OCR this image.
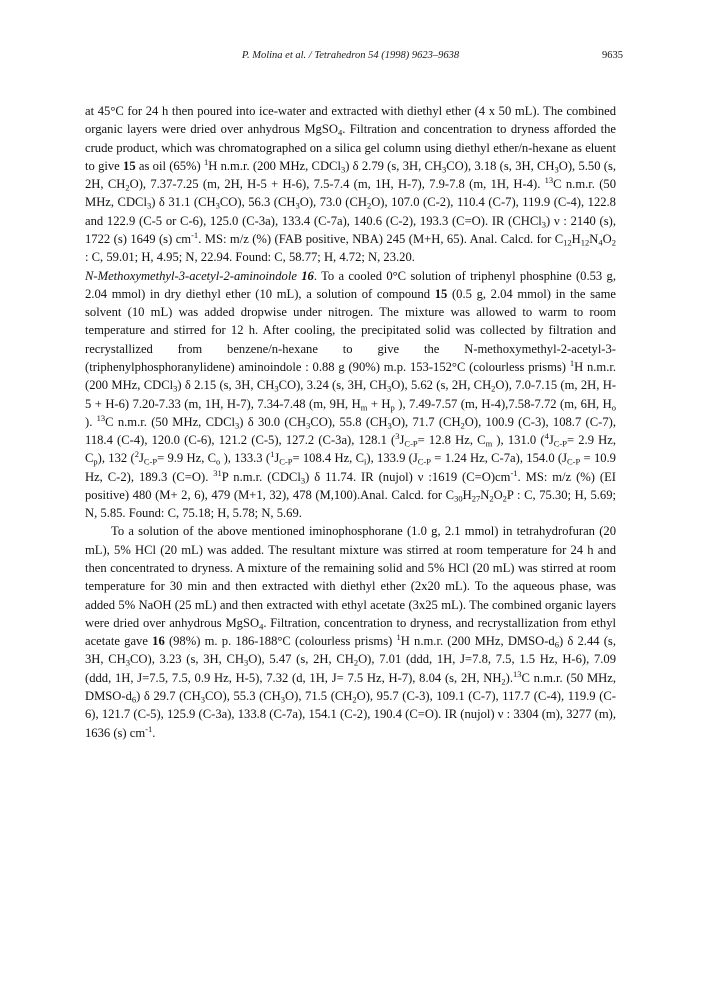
P. Molina et al. / Tetrahedron 54 (1998) 9623–9638	9635

at 45°C for 24 h then poured into ice-water and extracted with diethyl ether (4 x 50 mL). The combined organic layers were dried over anhydrous MgSO$_4$. Filtration and concentration to dryness afforded the crude product, which was chromatographed on a silica gel column using diethyl ether/n-hexane as eluent to give 15 as oil (65%) $^1$H n.m.r. (200 MHz, CDCl$_3$) δ 2.79 (s, 3H, $CH_3CO$), 3.18 (s, 3H, $CH_3O$), 5.50 (s, 2H, $CH_2O$), 7.37-7.25 (m, 2H, H-5 + H-6), 7.5-7.4 (m, 1H, H-7), 7.9-7.8 (m, 1H, H-4). $^{13}$C n.m.r. (50 MHz, CDCl$_3$) δ 31.1 $(CH_3CO)$, 56.3 $(CH_3O)$, 73.0 $(CH_2O)$, 107.0 (C-2), 110.4 (C-7), 119.9 (C-4), 122.8 and 122.9 (C-5 or C-6), 125.0 (C-3a), 133.4 (C-7a), 140.6 (C-2), 193.3 (C=O). IR (CHCl$_3$) ν : 2140 (s), 1722 (s) 1649 (s) $cm^{-1}$. MS: m/z (%) (FAB positive, NBA) 245 (M+H, 65). Anal. Calcd. for $C_{12}H_{12}N_4O_2$ : C, 59.01; H, 4.95; N, 22.94. Found: C, 58.77; H, 4.72; N, 23.20.

N-Methoxymethyl-3-acetyl-2-aminoindole 16. To a cooled 0°C solution of triphenyl phosphine (0.53 g, 2.04 mmol) in dry diethyl ether (10 mL), a solution of compound 15 (0.5 g, 2.04 mmol) in the same solvent (10 mL) was added dropwise under nitrogen. The mixture was allowed to warm to room temperature and stirred for 12 h. After cooling, the precipitated solid was collected by filtration and recrystallized from benzene/n-hexane to give the N-methoxymethyl-2-acetyl-3-(triphenylphosphoranylidene) aminoindole : 0.88 g (90%) m.p. 153-152°C (colourless prisms) $^1$H n.m.r. (200 MHz, CDCl$_3$) δ 2.15 (s, 3H, $CH_3CO$), 3.24 (s, 3H, $CH_3O$), 5.62 (s, 2H, $CH_2O$), 7.0-7.15 (m, 2H, H-5 + H-6) 7.20-7.33 (m, 1H, H-7), 7.34-7.48 (m, 9H, $H_m + H_p$ ), 7.49-7.57 (m, H-4),7.58-7.72 (m, 6H, $H_o$ ). $^{13}$C n.m.r. (50 MHz, CDCl$_3$) δ 30.0 $(CH_3CO)$, 55.8 $(CH_3O)$, 71.7 $(CH_2O)$, 100.9 (C-3), 108.7 (C-7), 118.4 (C-4), 120.0 (C-6), 121.2 (C-5), 127.2 (C-3a), 128.1 ($^3J_{C-P}= 12.8$ Hz, $C_m$ ), 131.0 ($^4J_{C-P}= 2.9$ Hz, $C_p$), 132 ($^2J_{C-P}= 9.9$ Hz, $C_o$ ), 133.3 ($^1J_{C-P}= 108.4$ Hz, $C_i$), 133.9 ($J_{C-P} = 1.24$ Hz, C-7a), 154.0 ($J_{C-P} = 10.9$ Hz, C-2), 189.3 (C=O). $^{31}$P n.m.r. (CDCl$_3$) δ 11.74. IR (nujol) ν :1619 $(C=O)cm^{-1}$. MS: m/z (%) (EI positive) 480 (M+ 2, 6), 479 (M+1, 32), 478 (M,100).Anal. Calcd. for $C_{30}H_{27}N_2O_2P$ : C, 75.30; H, 5.69; N, 5.85. Found: C, 75.18; H, 5.78; N, 5.69.

To a solution of the above mentioned iminophosphorane (1.0 g, 2.1 mmol) in tetrahydrofuran (20 mL), 5% HCl (20 mL) was added. The resultant mixture was stirred at room temperature for 24 h and then concentrated to dryness. A mixture of the remaining solid and 5% HCl (20 mL) was stirred at room temperature for 30 min and then extracted with diethyl ether (2x20 mL). To the aqueous phase, was added 5% NaOH (25 mL) and then extracted with ethyl acetate (3x25 mL). The combined organic layers were dried over anhydrous MgSO$_4$. Filtration, concentration to dryness, and recrystallization from ethyl acetate gave 16 (98%) m. p. 186-188°C (colourless prisms) $^1$H n.m.r. (200 MHz, DMSO-$d_6$) δ 2.44 (s, 3H, $CH_3CO$), 3.23 (s, 3H, $CH_3O$), 5.47 (s, 2H, $CH_2O$), 7.01 (ddd, 1H, J=7.8, 7.5, 1.5 Hz, H-6), 7.09 (ddd, 1H, J=7.5, 7.5, 0.9 Hz, H-5), 7.32 (d, 1H, J= 7.5 Hz, H-7), 8.04 (s, 2H, $NH_2).^{13}C$ n.m.r. (50 MHz, DMSO-$d_6$) δ 29.7 $(CH_3CO)$, 55.3 $(CH_3O)$, 71.5 $(CH_2O)$, 95.7 (C-3), 109.1 (C-7), 117.7 (C-4), 119.9 (C-6), 121.7 (C-5), 125.9 (C-3a), 133.8 (C-7a), 154.1 (C-2), 190.4 (C=O). IR (nujol) ν : 3304 (m), 3277 (m), 1636 (s) $cm^{-1}$.
